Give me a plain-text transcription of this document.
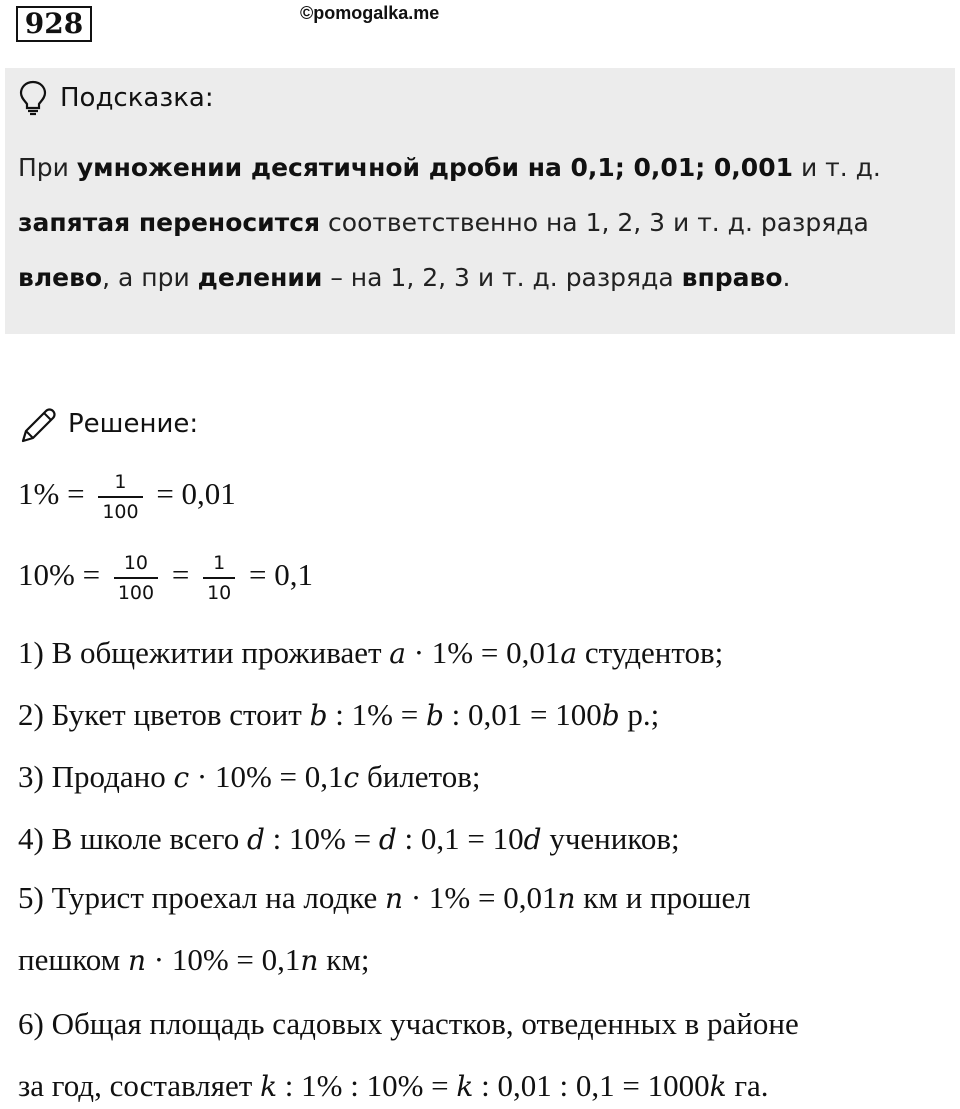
928	©pomogalka.me
Подсказка:
При умножении десятичной дроби на 0,1; 0,01; 0,001 и т. д.
запятая переносится соответственно на 1, 2, 3 и т. д. разряда
влево, а при делении – на 1, 2, 3 и т. д. разряда вправо.
Решение:
$1\% = \frac{1}{100} = 0,01$
$10\% = \frac{10}{100} = \frac{1}{10} = 0,1$
1) В общежитии проживает a · 1% = 0,01a студентов;
2) Букет цветов стоит b : 1% = b : 0,01 = 100b р.;
3) Продано c · 10% = 0,1c билетов;
4) В школе всего d : 10% = d : 0,1 = 10d учеников;
5) Турист проехал на лодке n · 1% = 0,01n км и прошел
пешком n · 10% = 0,1n км;
6) Общая площадь садовых участков, отведенных в районе
за год, составляет k : 1% : 10% = k : 0,01 : 0,1 = 1000k га.
